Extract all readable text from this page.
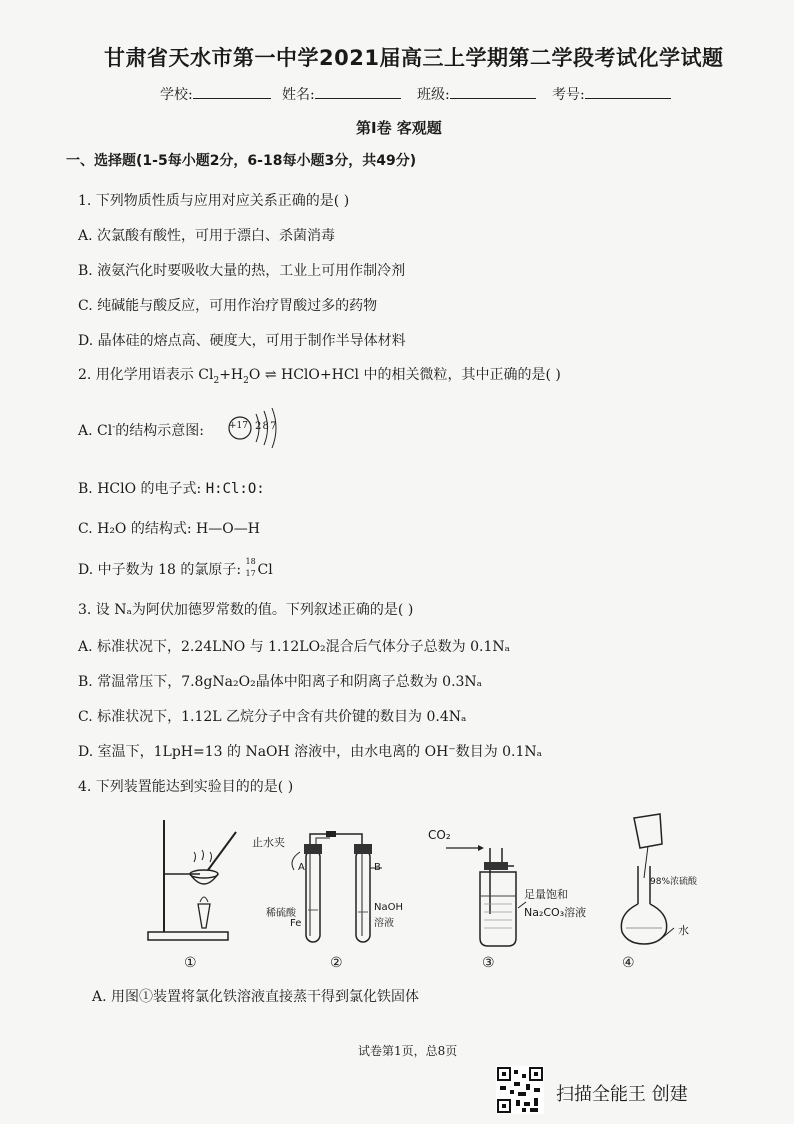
甘肃省天水市第一中学2021届高三上学期第二学段考试化学试题
学校:	姓名:	班级:	考号:
第Ⅰ卷 客观题
一、选择题(1-5每小题2分，6-18每小题3分，共49分)
1. 下列物质性质与应用对应关系正确的是( )
A. 次氯酸有酸性，可用于漂白、杀菌消毒
B. 液氨汽化时要吸收大量的热，工业上可用作制冷剂
C. 纯碱能与酸反应，可用作治疗胃酸过多的药物
D. 晶体硅的熔点高、硬度大，可用于制作半导体材料
2. 用化学用语表示 $Cl_2+H_2O$ ⇌ HClO+HCl 中的相关微粒，其中正确的是( )
A. Cl-的结构示意图:	+17 2 8 7
B. HClO 的电子式: H:Cl:O:
C. H₂O 的结构式: H—O—H
D. 中子数为 18 的氯原子:
18
17 Cl
3. 设 Nₐ为阿伏加德罗常数的值。下列叙述正确的是( )
A. 标准状况下，2.24LNO 与 1.12LO₂混合后气体分子总数为 0.1Nₐ
B. 常温常压下，7.8gNa₂O₂晶体中阳离子和阴离子总数为 0.3Nₐ
C. 标准状况下，1.12L 乙烷分子中含有共价键的数目为 0.4Nₐ
D. 室温下，1LpH=13 的 NaOH 溶液中，由水电离的 OH⁻数目为 0.1Nₐ
4. 下列装置能达到实验目的的是( )
止水夹
A	B
稀硫酸
Fe
NaOH
溶液
CO₂
足量饱和
Na₂CO₃溶液
98%浓硫酸
水
①	②	③	④
A. 用图①装置将氯化铁溶液直接蒸干得到氯化铁固体
试卷第1页，总8页
扫描全能王 创建
